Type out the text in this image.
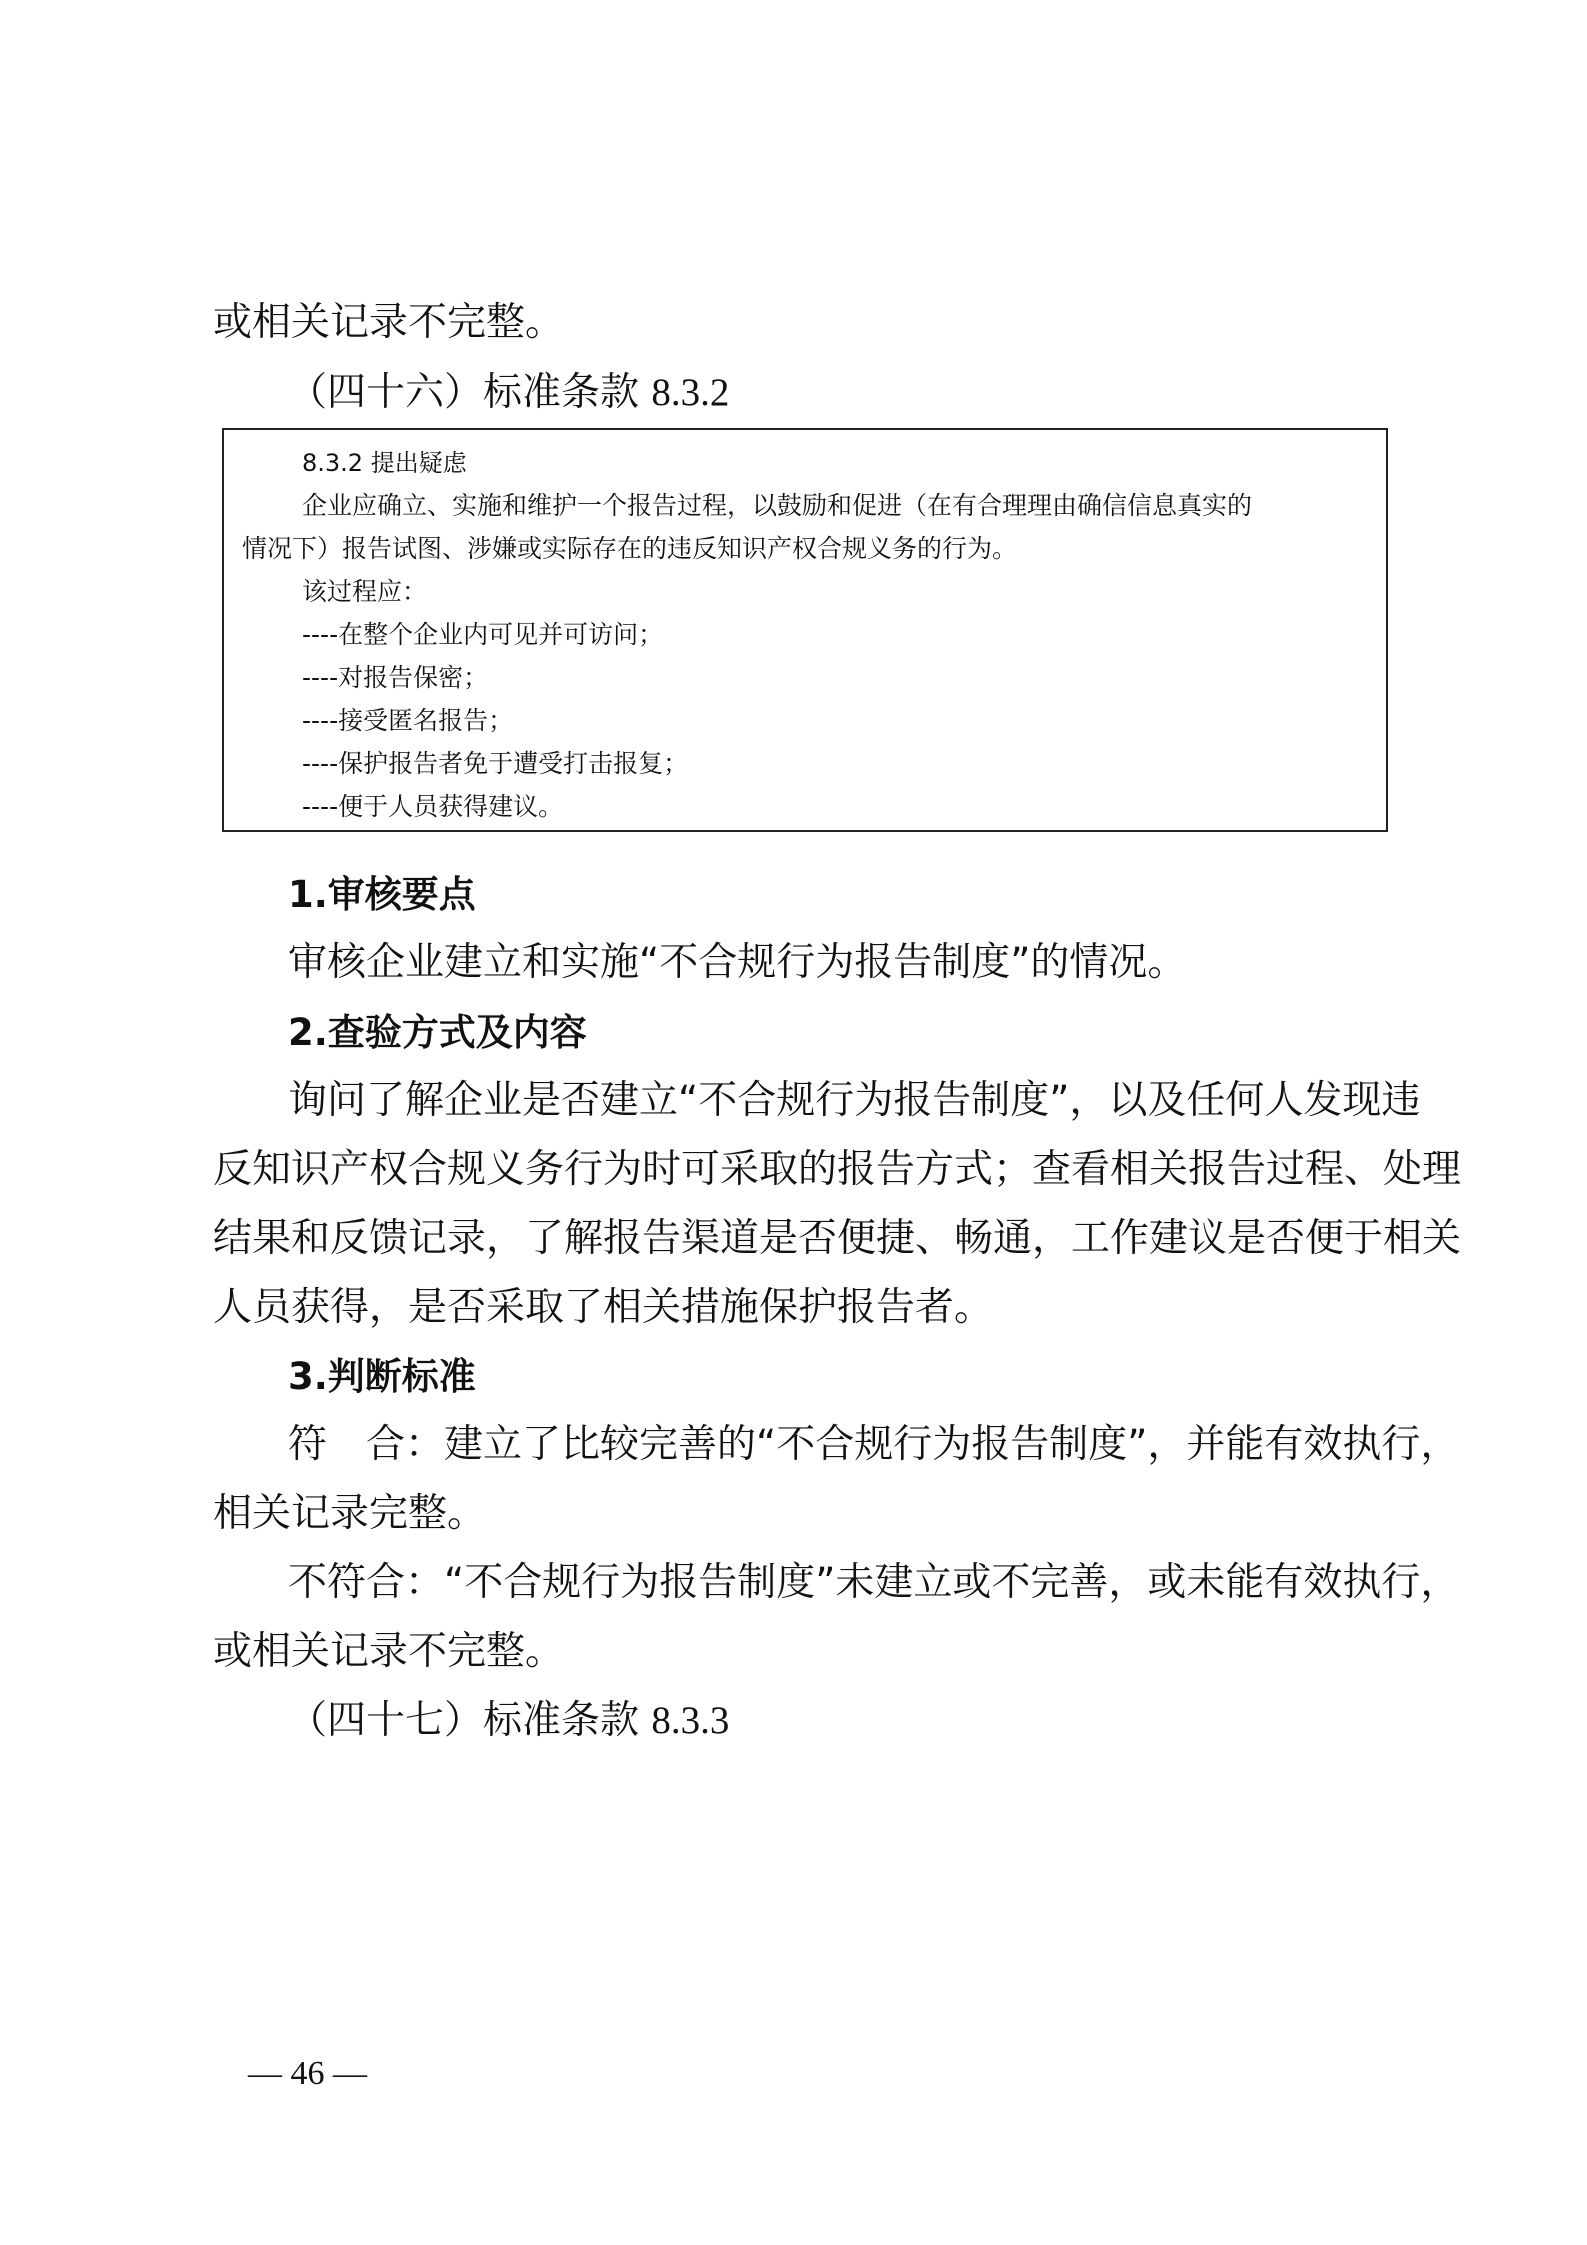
或相关记录不完整。
（四十六）标准条款 8.3.2
8.3.2 提出疑虑
企业应确立、实施和维护一个报告过程，以鼓励和促进（在有合理理由确信信息真实的
情况下）报告试图、涉嫌或实际存在的违反知识产权合规义务的行为。
该过程应：
----在整个企业内可见并可访问；
----对报告保密；
----接受匿名报告；
----保护报告者免于遭受打击报复；
----便于人员获得建议。
1.审核要点
审核企业建立和实施“不合规行为报告制度”的情况。
2.查验方式及内容
询问了解企业是否建立“不合规行为报告制度”，以及任何人发现违
反知识产权合规义务行为时可采取的报告方式；查看相关报告过程、处理
结果和反馈记录，了解报告渠道是否便捷、畅通，工作建议是否便于相关
人员获得，是否采取了相关措施保护报告者。
3.判断标准
符　合：建立了比较完善的“不合规行为报告制度”，并能有效执行，
相关记录完整。
不符合：“不合规行为报告制度”未建立或不完善，或未能有效执行，
或相关记录不完整。
（四十七）标准条款 8.3.3
— 46 —
